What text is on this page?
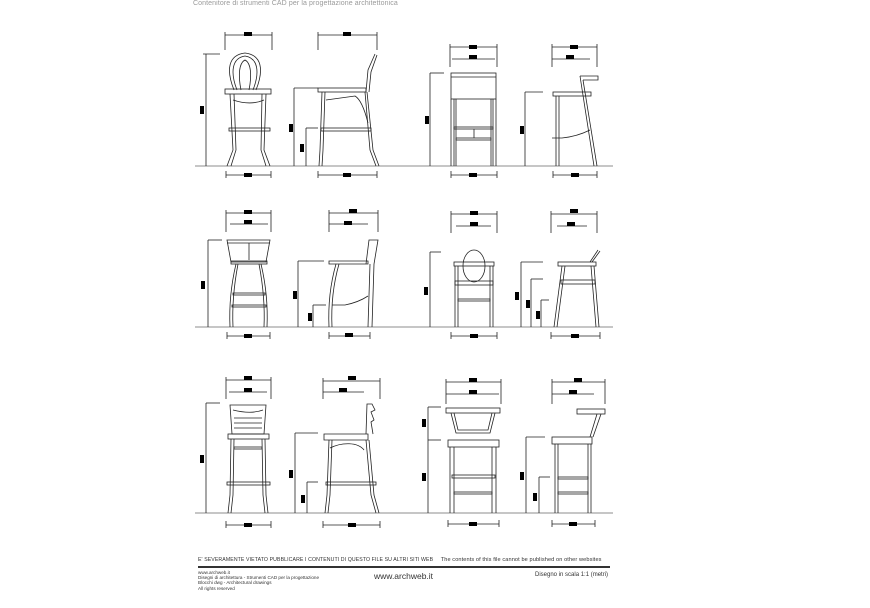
Contenitore di strumenti CAD per la progettazione architettonica
E' SEVERAMENTE VIETATO PUBBLICARE I CONTENUTI DI QUESTO FILE SU ALTRI SITI WEB The contents of this file cannot be published on other websites
www.archweb.it
Disegni di architettura - Strumenti CAD per la progettazione
Blocchi dwg - Architectural drawings
All rights reserved
www.archweb.it	Disegno in scala 1:1 (metri)
